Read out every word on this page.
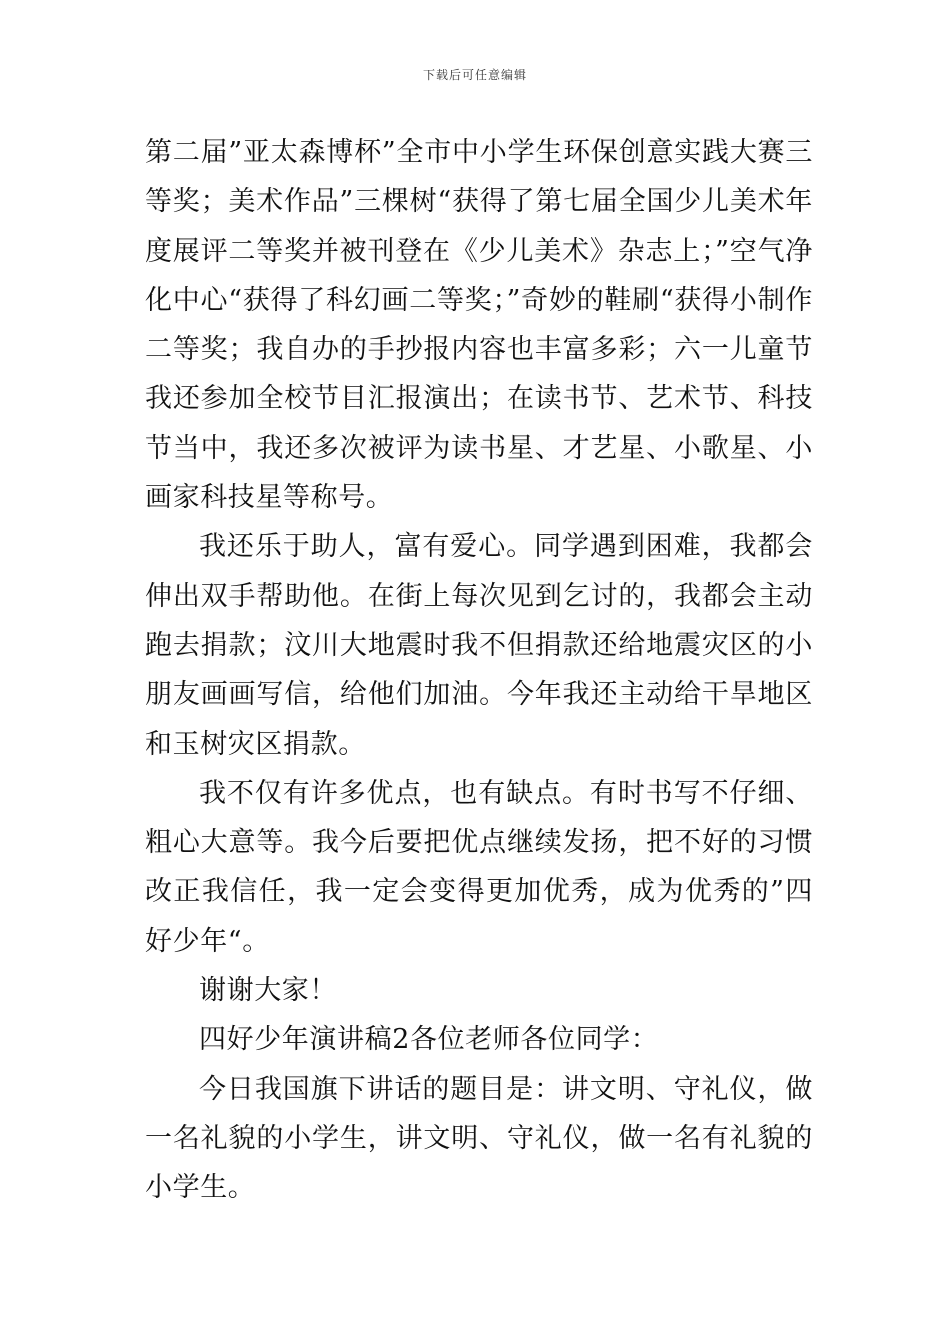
下载后可任意编辑

第二届”亚太森博杯”全市中小学生环保创意实践大赛三等奖；美术作品”三棵树“获得了第七届全国少儿美术年度展评二等奖并被刊登在《少儿美术》杂志上；”空气净化中心“获得了科幻画二等奖；”奇妙的鞋刷“获得小制作二等奖；我自办的手抄报内容也丰富多彩；六一儿童节我还参加全校节目汇报演出；在读书节、艺术节、科技节当中，我还多次被评为读书星、才艺星、小歌星、小画家科技星等称号。

我还乐于助人，富有爱心。同学遇到困难，我都会伸出双手帮助他。在街上每次见到乞讨的，我都会主动跑去捐款；汶川大地震时我不但捐款还给地震灾区的小朋友画画写信，给他们加油。今年我还主动给干旱地区和玉树灾区捐款。

我不仅有许多优点，也有缺点。有时书写不仔细、粗心大意等。我今后要把优点继续发扬，把不好的习惯改正我信任，我一定会变得更加优秀，成为优秀的”四好少年“。

谢谢大家！

四好少年演讲稿2各位老师各位同学：

今日我国旗下讲话的题目是：讲文明、守礼仪，做一名礼貌的小学生，讲文明、守礼仪，做一名有礼貌的小学生。
